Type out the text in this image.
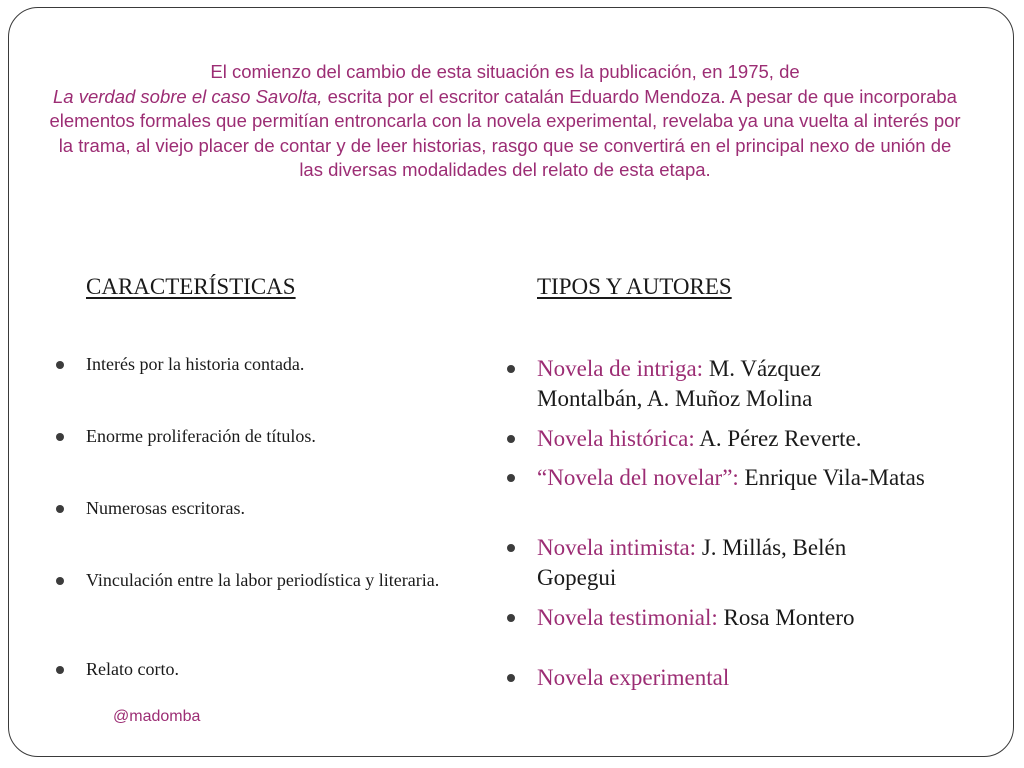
El comienzo del cambio de esta situación es la publicación, en 1975, de
La verdad sobre el caso Savolta, escrita por el escritor catalán Eduardo Mendoza. A pesar de que incorporaba elementos formales que permitían entroncarla con la novela experimental, revelaba ya una vuelta al interés por la trama, al viejo placer de contar y de leer historias, rasgo que se convertirá en el principal nexo de unión de las diversas modalidades del relato de esta etapa.
CARACTERÍSTICAS	TIPOS Y AUTORES
Interés por la historia contada.
Enorme proliferación de títulos.
Numerosas escritoras.
Vinculación entre la labor periodística y literaria.
Relato corto.
Novela de intriga: M. Vázquez Montalbán, A. Muñoz Molina
Novela histórica: A. Pérez Reverte.
“Novela del novelar”: Enrique Vila-Matas
Novela intimista: J. Millás, Belén Gopegui
Novela testimonial: Rosa Montero
Novela experimental
@madomba
